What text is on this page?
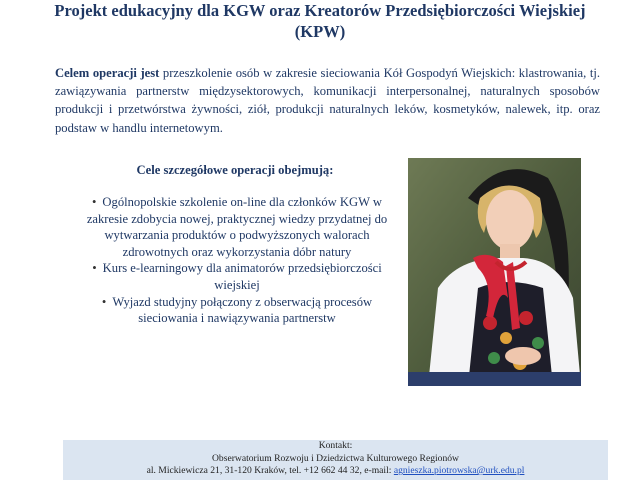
Projekt edukacyjny dla KGW oraz Kreatorów Przedsiębiorczości Wiejskiej (KPW)
Celem operacji jest przeszkolenie osób w zakresie sieciowania Kół Gospodyń Wiejskich: klastrowania, tj. zawiązywania partnerstw międzysektorowych, komunikacji interpersonalnej, naturalnych sposobów produkcji i przetwórstwa żywności, ziół, produkcji naturalnych leków, kosmetyków, nalewek, itp. oraz podstaw w handlu internetowym.
Cele szczegółowe operacji obejmują:
• Ogólnopolskie szkolenie on-line dla członków KGW w zakresie zdobycia nowej, praktycznej wiedzy przydatnej do wytwarzania produktów o podwyższonych walorach zdrowotnych oraz wykorzystania dóbr natury
• Kurs e-learningowy dla animatorów przedsiębiorczości wiejskiej
• Wyjazd studyjny połączony z obserwacją procesów sieciowania i nawiązywania partnerstw
Kontakt:
Obserwatorium Rozwoju i Dziedzictwa Kulturowego Regionów
al. Mickiewicza 21, 31-120 Kraków, tel. +12 662 44 32, e-mail: agnieszka.piotrowska@urk.edu.pl
